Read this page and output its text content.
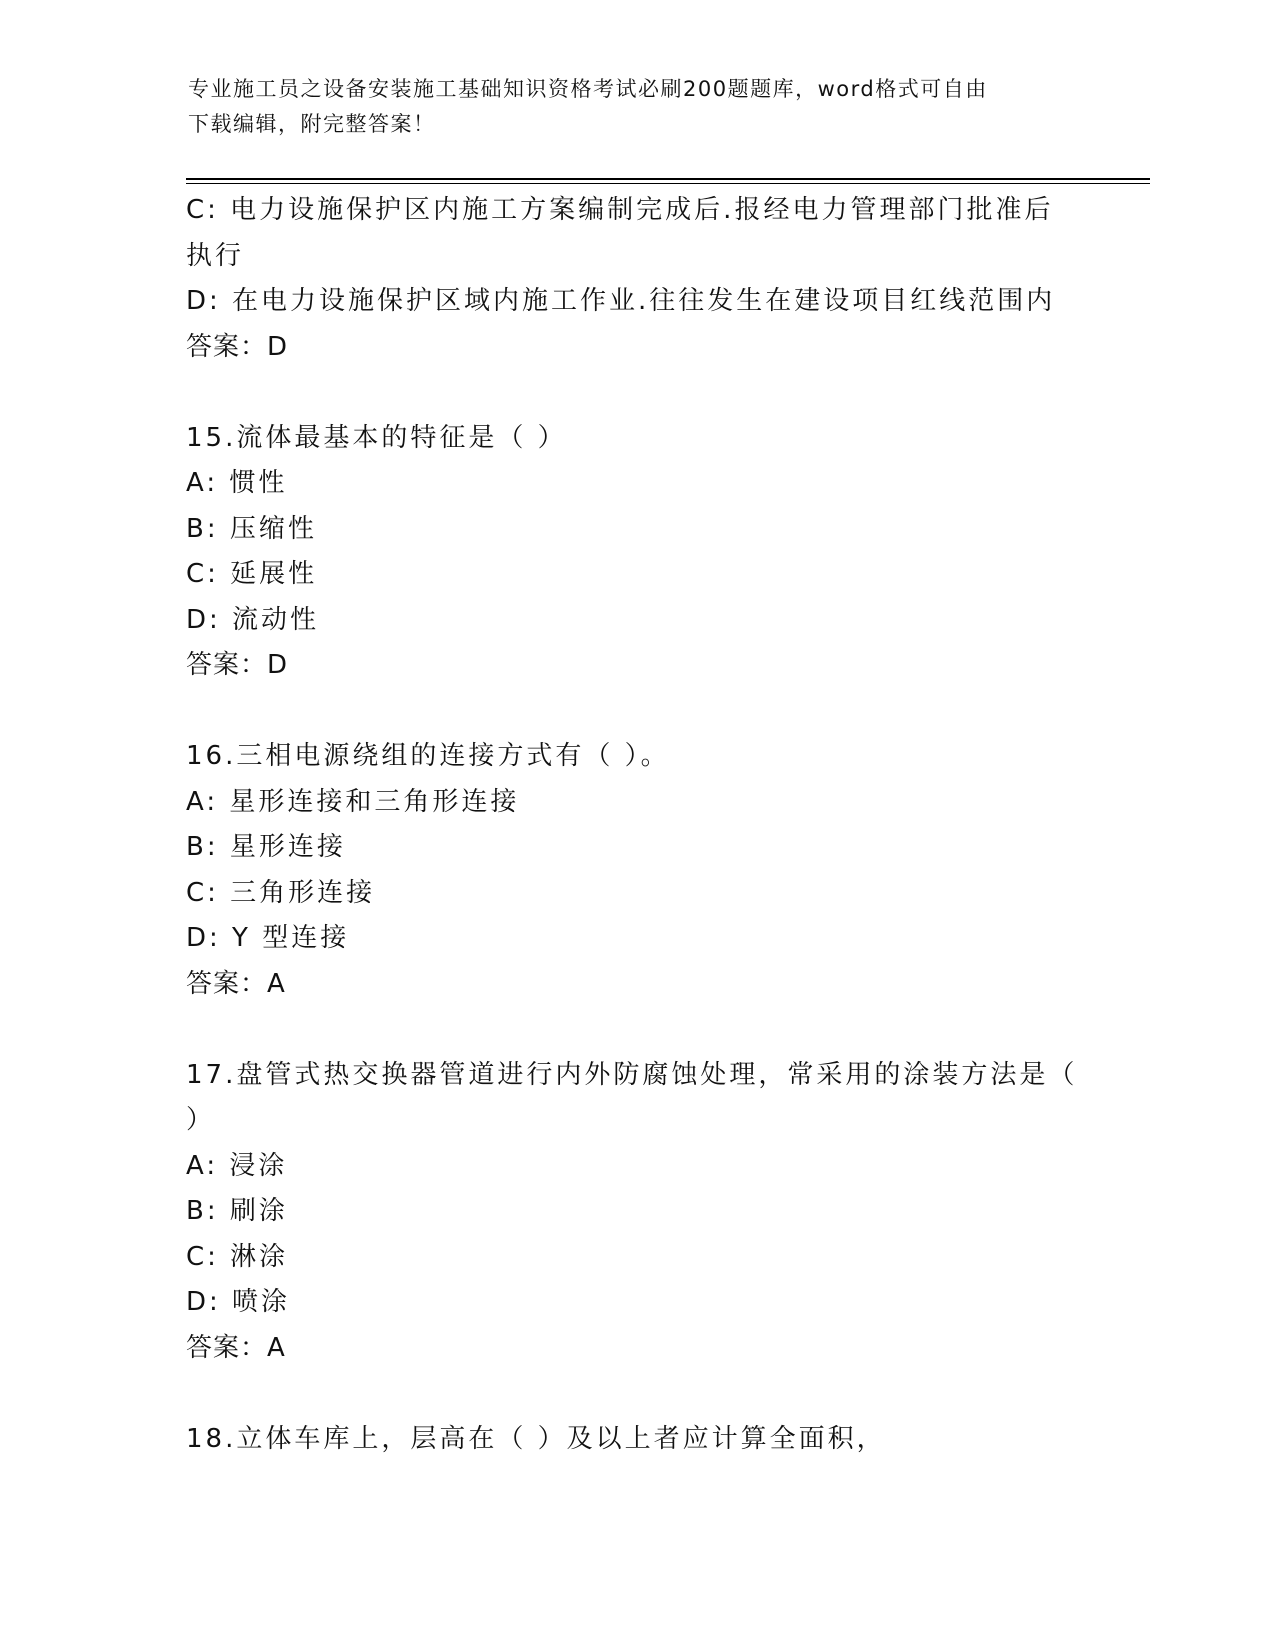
专业施工员之设备安装施工基础知识资格考试必刷200题题库，word格式可自由
下载编辑，附完整答案！
C: 电力设施保护区内施工方案编制完成后.报经电力管理部门批准后
执行
D: 在电力设施保护区域内施工作业.往往发生在建设项目红线范围内
答案：D
15.流体最基本的特征是（ ）
A: 惯性
B: 压缩性
C: 延展性
D: 流动性
答案：D
16.三相电源绕组的连接方式有（ ）。
A: 星形连接和三角形连接
B: 星形连接
C: 三角形连接
D: Y 型连接
答案：A
17.盘管式热交换器管道进行内外防腐蚀处理，常采用的涂装方法是（
）
A: 浸涂
B: 刷涂
C: 淋涂
D: 喷涂
答案：A
18.立体车库上，层高在（ ）及以上者应计算全面积，
